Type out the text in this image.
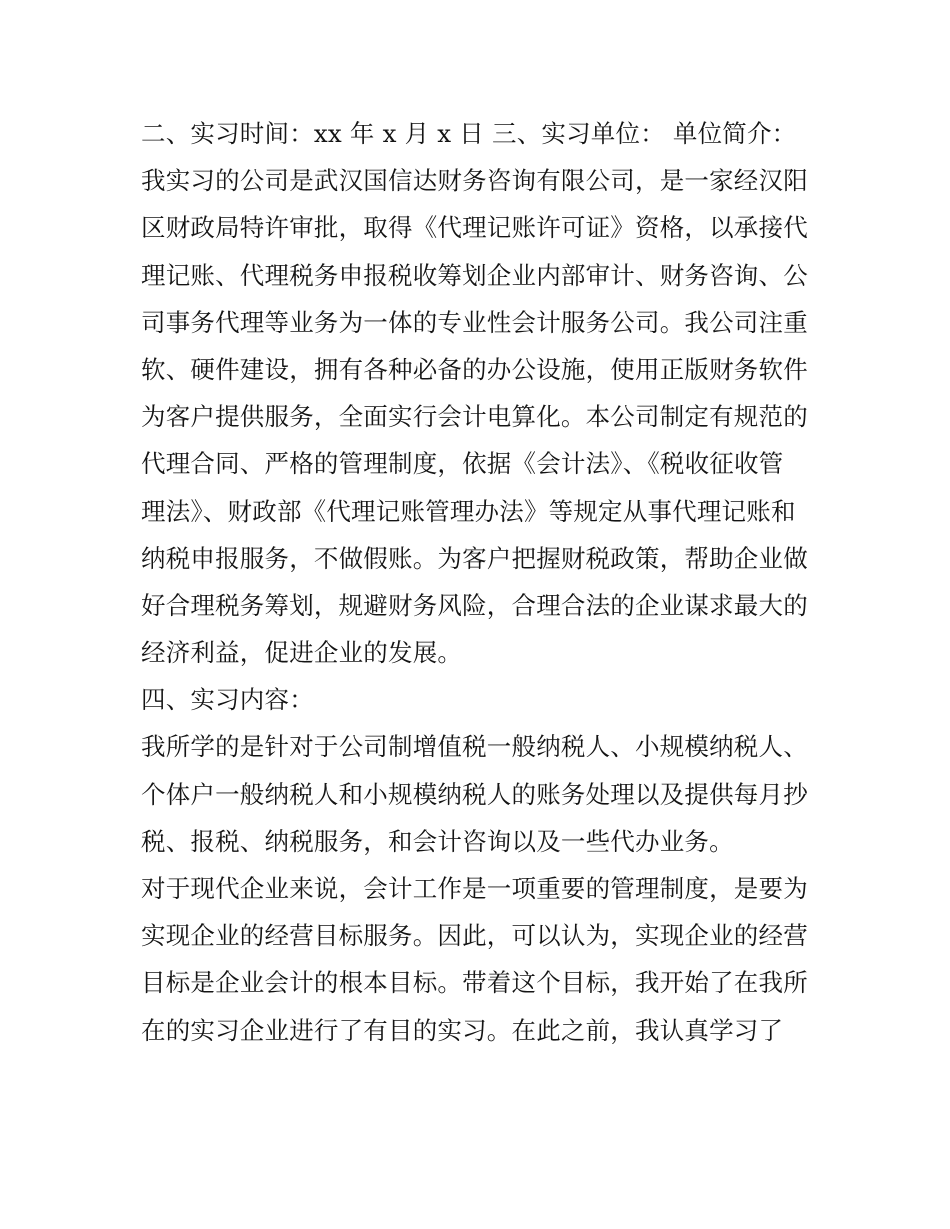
二、实习时间：xx 年 x 月 x 日 三、实习单位： 单位简介：
我实习的公司是武汉国信达财务咨询有限公司，是一家经汉阳
区财政局特许审批，取得《代理记账许可证》资格，以承接代
理记账、代理税务申报税收筹划企业内部审计、财务咨询、公
司事务代理等业务为一体的专业性会计服务公司。我公司注重
软、硬件建设，拥有各种必备的办公设施，使用正版财务软件
为客户提供服务，全面实行会计电算化。本公司制定有规范的
代理合同、严格的管理制度，依据《会计法》、《税收征收管
理法》、财政部《代理记账管理办法》等规定从事代理记账和
纳税申报服务，不做假账。为客户把握财税政策，帮助企业做
好合理税务筹划，规避财务风险，合理合法的企业谋求最大的
经济利益，促进企业的发展。
四、实习内容：
我所学的是针对于公司制增值税一般纳税人、小规模纳税人、
个体户一般纳税人和小规模纳税人的账务处理以及提供每月抄
税、报税、纳税服务，和会计咨询以及一些代办业务。
对于现代企业来说，会计工作是一项重要的管理制度，是要为
实现企业的经营目标服务。因此，可以认为，实现企业的经营
目标是企业会计的根本目标。带着这个目标，我开始了在我所
在的实习企业进行了有目的实习。在此之前，我认真学习了
